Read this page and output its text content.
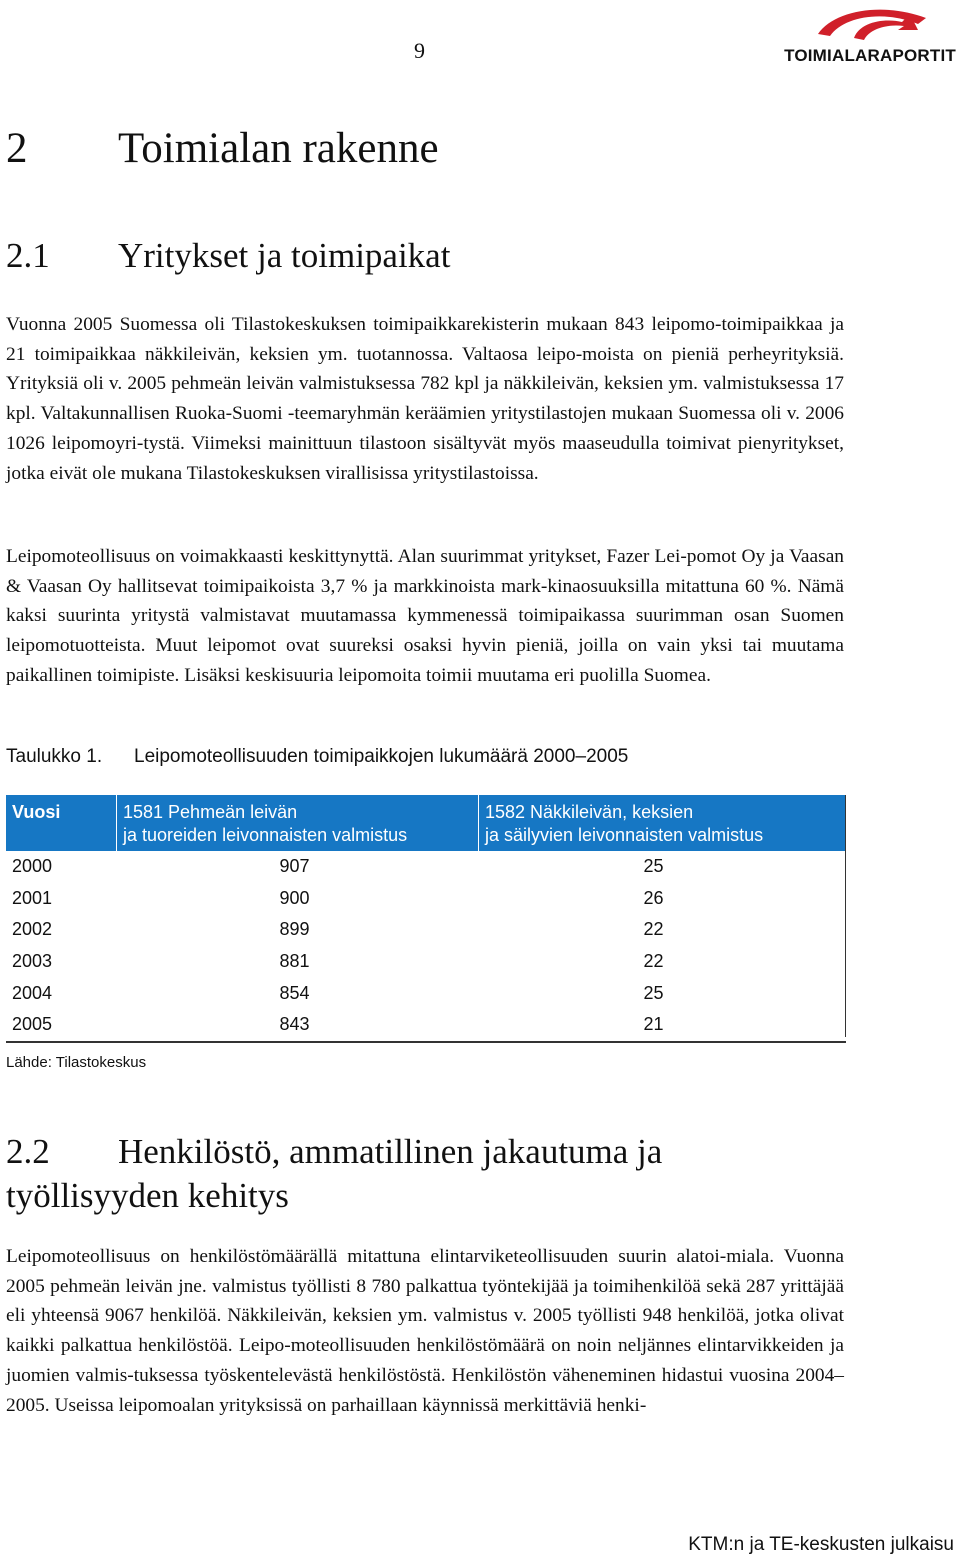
9	TOIMIALARAPORTIT
2 Toimialan rakenne
2.1 Yritykset ja toimipaikat

Vuonna 2005 Suomessa oli Tilastokeskuksen toimipaikkarekisterin mukaan 843 leipomo-toimipaikkaa ja 21 toimipaikkaa näkkileivän, keksien ym. tuotannossa. Valtaosa leipo-moista on pieniä perheyrityksiä. Yrityksiä oli v. 2005 pehmeän leivän valmistuksessa 782 kpl ja näkkileivän, keksien ym. valmistuksessa 17 kpl. Valtakunnallisen Ruoka-Suomi -teemaryhmän keräämien yritystilastojen mukaan Suomessa oli v. 2006 1026 leipomoyri-tystä. Viimeksi mainittuun tilastoon sisältyvät myös maaseudulla toimivat pienyritykset, jotka eivät ole mukana Tilastokeskuksen virallisissa yritystilastoissa.

Leipomoteollisuus on voimakkaasti keskittynyttä. Alan suurimmat yritykset, Fazer Lei-pomot Oy ja Vaasan & Vaasan Oy hallitsevat toimipaikoista 3,7 % ja markkinoista mark-kinaosuuksilla mitattuna 60 %. Nämä kaksi suurinta yritystä valmistavat muutamassa kymmenessä toimipaikassa suurimman osan Suomen leipomotuotteista. Muut leipomot ovat suureksi osaksi hyvin pieniä, joilla on vain yksi tai muutama paikallinen toimipiste. Lisäksi keskisuuria leipomoita toimii muutama eri puolilla Suomea.

Taulukko 1. Leipomoteollisuuden toimipaikkojen lukumäärä 2000–2005
Vuosi	1581 Pehmeän leivän
ja tuoreiden leivonnaisten valmistus	1582 Näkkileivän, keksien
ja säilyvien leivonnaisten valmistus
2000	907	25
2001	900	26
2002	899	22
2003	881	22
2004	854	25
2005	843	21
Lähde: Tilastokeskus
2.2 Henkilöstö, ammatillinen jakautuma ja
työllisyyden kehitys

Leipomoteollisuus on henkilöstömäärällä mitattuna elintarviketeollisuuden suurin alatoi-miala. Vuonna 2005 pehmeän leivän jne. valmistus työllisti 8 780 palkattua työntekijää ja toimihenkilöä sekä 287 yrittäjää eli yhteensä 9067 henkilöä. Näkkileivän, keksien ym. valmistus v. 2005 työllisti 948 henkilöä, jotka olivat kaikki palkattua henkilöstöä. Leipo-moteollisuuden henkilöstömäärä on noin neljännes elintarvikkeiden ja juomien valmis-tuksessa työskentelevästä henkilöstöstä. Henkilöstön väheneminen hidastui vuosina 2004–2005. Useissa leipomoalan yrityksissä on parhaillaan käynnissä merkittäviä henki-

KTM:n ja TE-keskusten julkaisu
